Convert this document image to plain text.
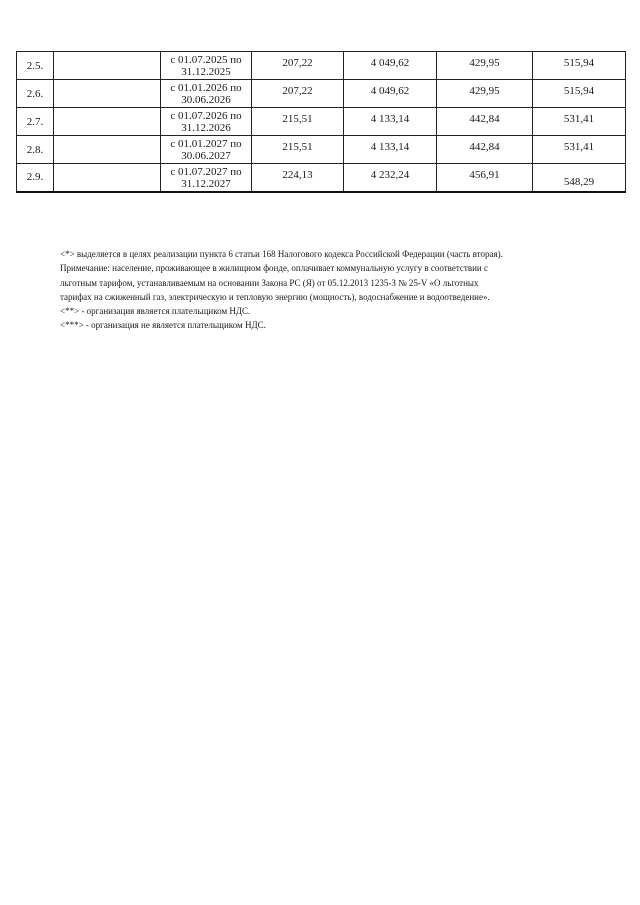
2.5.		с 01.07.2025 по
31.12.2025	207,22	4 049,62	429,95	515,94
2.6.		с 01.01.2026 по
30.06.2026	207,22	4 049,62	429,95	515,94
2.7.		с 01.07.2026 по
31.12.2026	215,51	4 133,14	442,84	531,41
2.8.		с 01.01.2027 по
30.06.2027	215,51	4 133,14	442,84	531,41
2.9.		с 01.07.2027 по
31.12.2027	224,13	4 232,24	456,91	548,29

<*> выделяется в целях реализации пункта 6 статьи 168 Налогового кодекса Российской Федерации (часть вторая).

Примечание: население, проживающее в жилищном фонде, оплачивает коммунальную услугу в соответствии с

льготным тарифом, устанавливаемым на основании Закона РС (Я) от 05.12.2013 1235-З № 25-V «О льготных

тарифах на сжиженный газ, электрическую и тепловую энергию (мощность), водоснабжение и водоотведение».

<**> - организация является плательщиком НДС.

<***> - организация не является плательщиком НДС.
